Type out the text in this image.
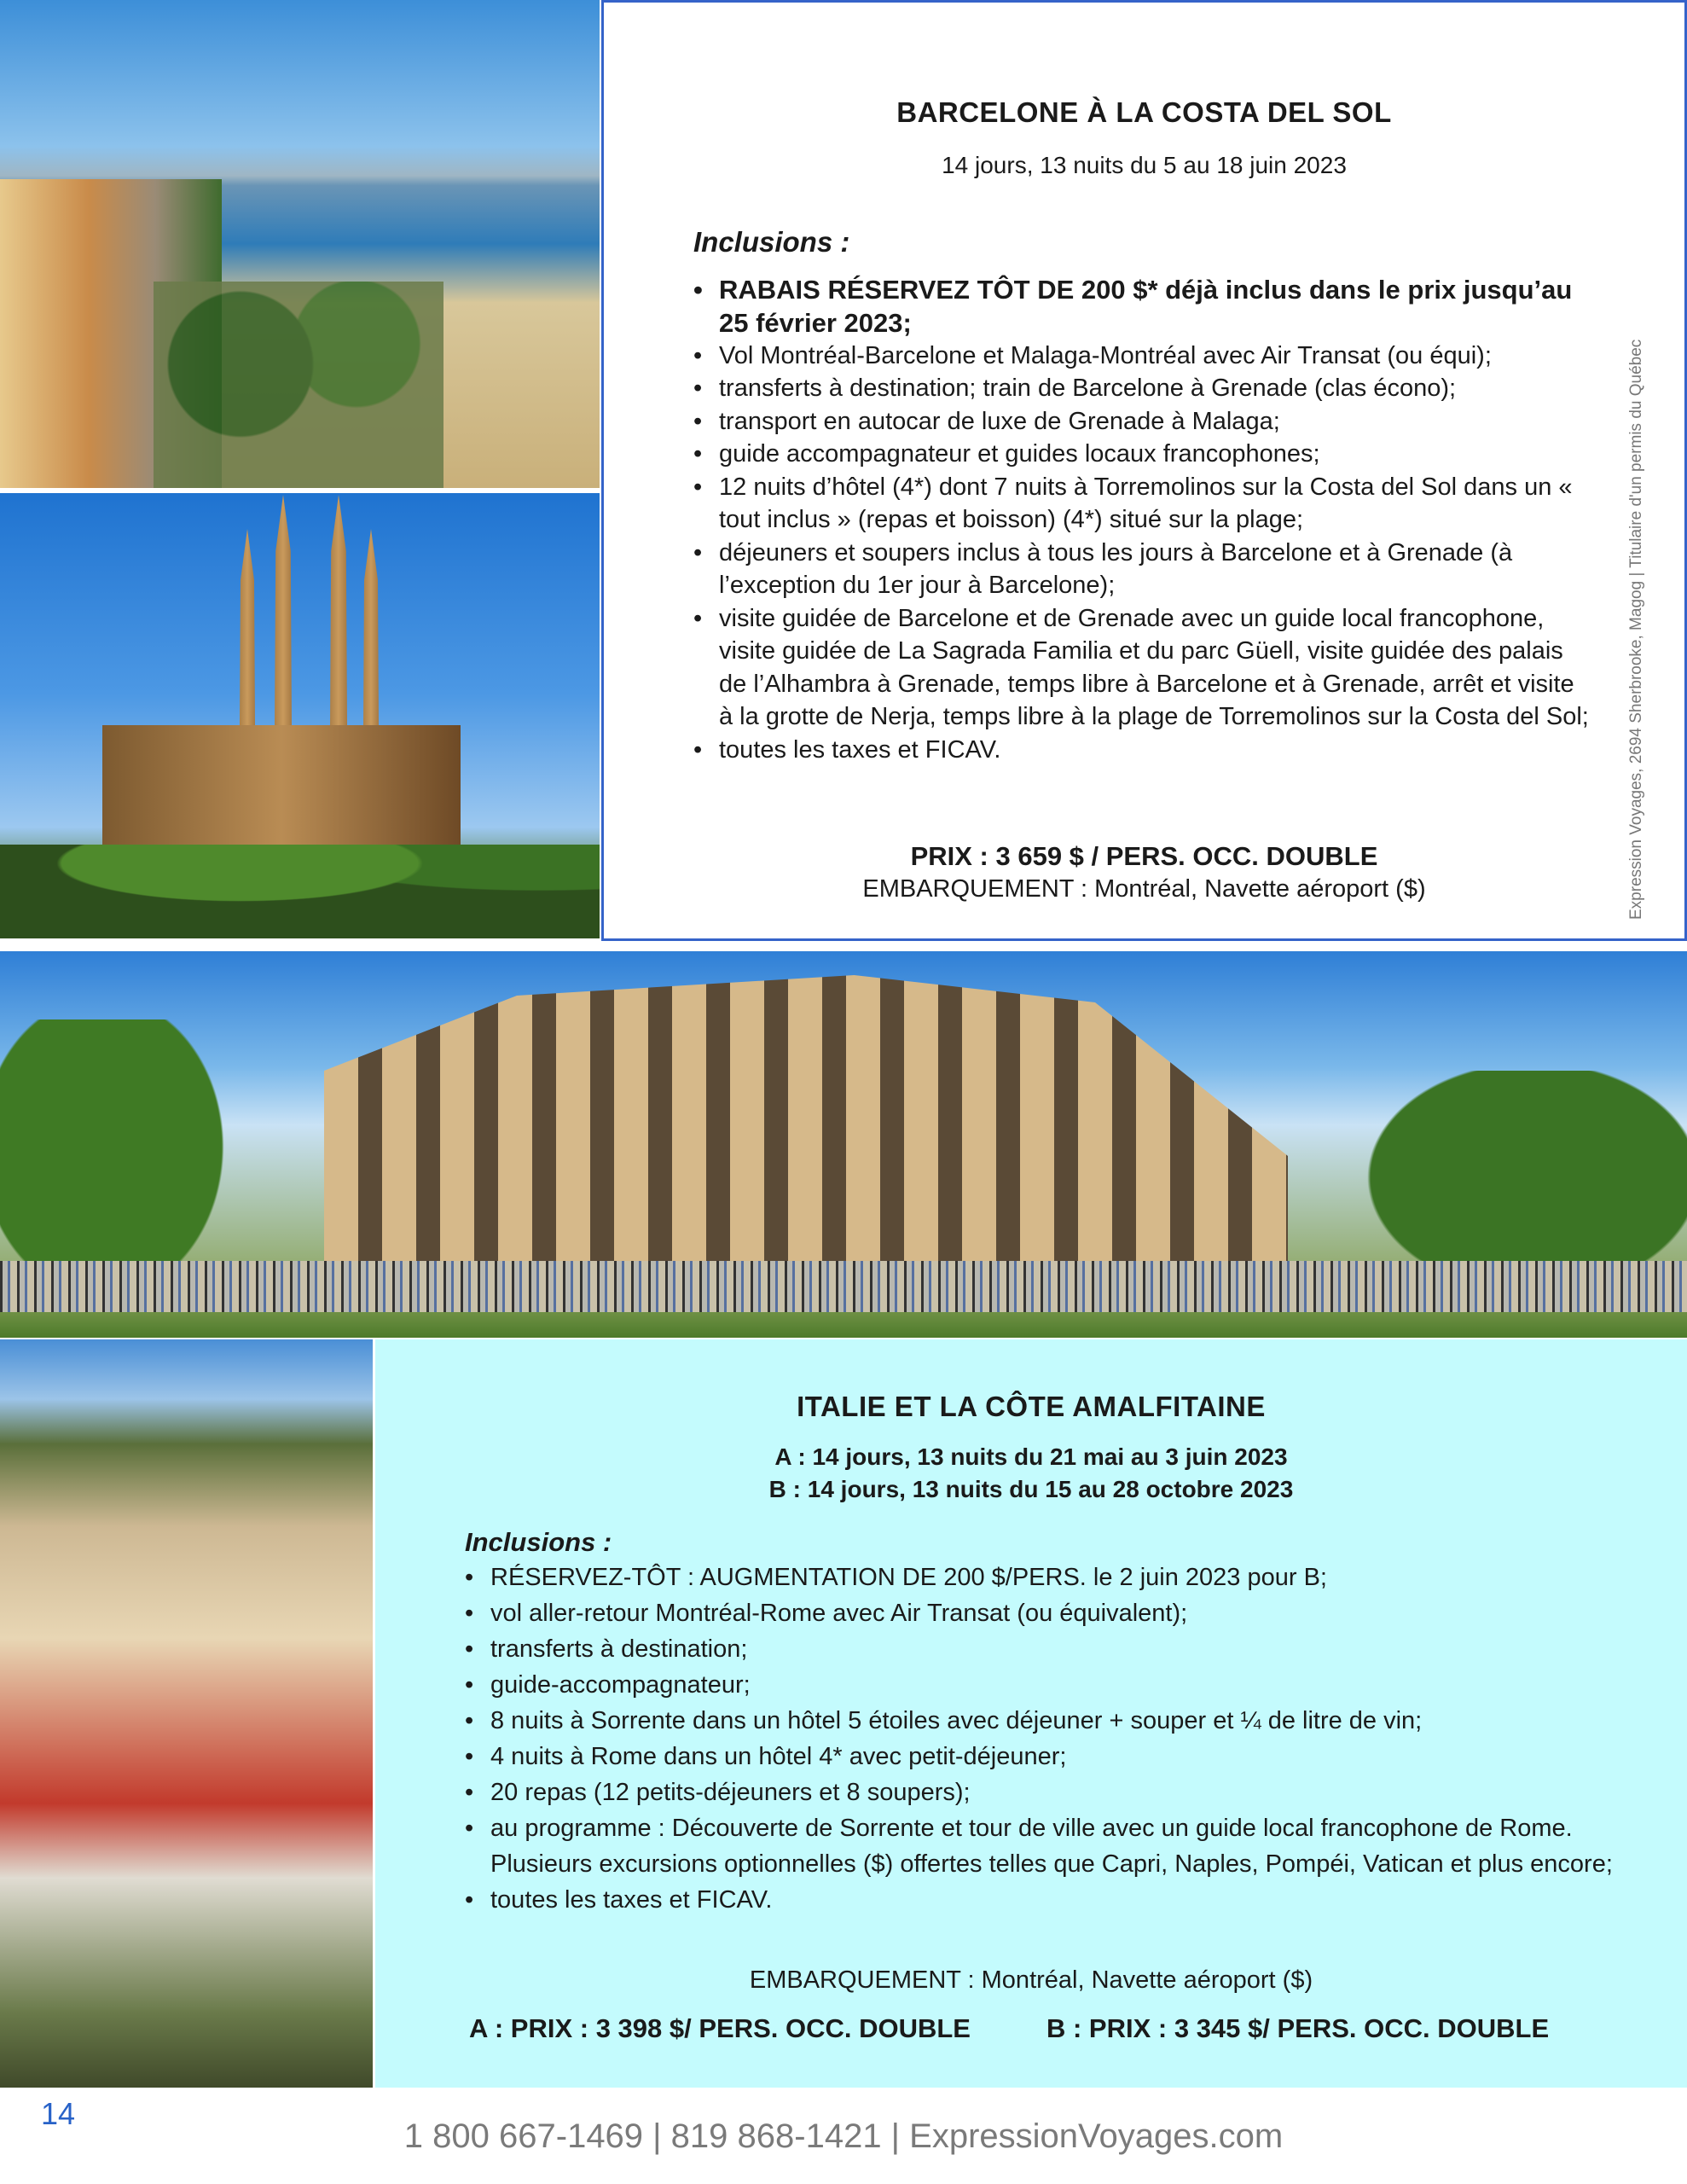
BARCELONE À LA COSTA DEL SOL
14 jours, 13 nuits du 5 au 18 juin 2023
Inclusions :
• RABAIS RÉSERVEZ TÔT DE 200 $* déjà inclus dans le prix jusqu’au 25 février 2023;
• Vol Montréal-Barcelone et Malaga-Montréal avec Air Transat (ou équi);
• transferts à destination; train de Barcelone à Grenade (clas écono);
• transport en autocar de luxe de Grenade à Malaga;
• guide accompagnateur et guides locaux francophones;
• 12 nuits d’hôtel (4*) dont 7 nuits à Torremolinos sur la Costa del Sol dans un « tout inclus » (repas et boisson) (4*) situé sur la plage;
• déjeuners et soupers inclus à tous les jours à Barcelone et à Grenade (à l’exception du 1er jour à Barcelone);
• visite guidée de Barcelone et de Grenade avec un guide local francophone, visite guidée de La Sagrada Familia et du parc Güell, visite guidée des palais de l’Alhambra à Grenade, temps libre à Barcelone et à Grenade, arrêt et visite à la grotte de Nerja, temps libre à la plage de Torremolinos sur la Costa del Sol;
• toutes les taxes et FICAV.
PRIX : 3 659 $ / PERS. OCC. DOUBLE
EMBARQUEMENT : Montréal, Navette aéroport ($)	Expression Voyages, 2694 Sherbrooke, Magog | Titulaire d'un permis du Québec
ITALIE ET LA CÔTE AMALFITAINE
A : 14 jours, 13 nuits du 21 mai au 3 juin 2023
B : 14 jours, 13 nuits du 15 au 28 octobre 2023
Inclusions :
• RÉSERVEZ-TÔT : AUGMENTATION DE 200 $/PERS. le 2 juin 2023 pour B;
• vol aller-retour Montréal-Rome avec Air Transat (ou équivalent);
• transferts à destination;
• guide-accompagnateur;
• 8 nuits à Sorrente dans un hôtel 5 étoiles avec déjeuner + souper et ¼ de litre de vin;
• 4 nuits à Rome dans un hôtel 4* avec petit-déjeuner;
• 20 repas (12 petits-déjeuners et 8 soupers);
• au programme : Découverte de Sorrente et tour de ville avec un guide local francophone de Rome. Plusieurs excursions optionnelles ($) offertes telles que Capri, Naples, Pompéi, Vatican et plus encore;
• toutes les taxes et FICAV.
EMBARQUEMENT : Montréal, Navette aéroport ($)
A : PRIX : 3 398 $/ PERS. OCC. DOUBLE	B : PRIX : 3 345 $/ PERS. OCC. DOUBLE
14
1 800 667-1469 | 819 868-1421 | ExpressionVoyages.com
